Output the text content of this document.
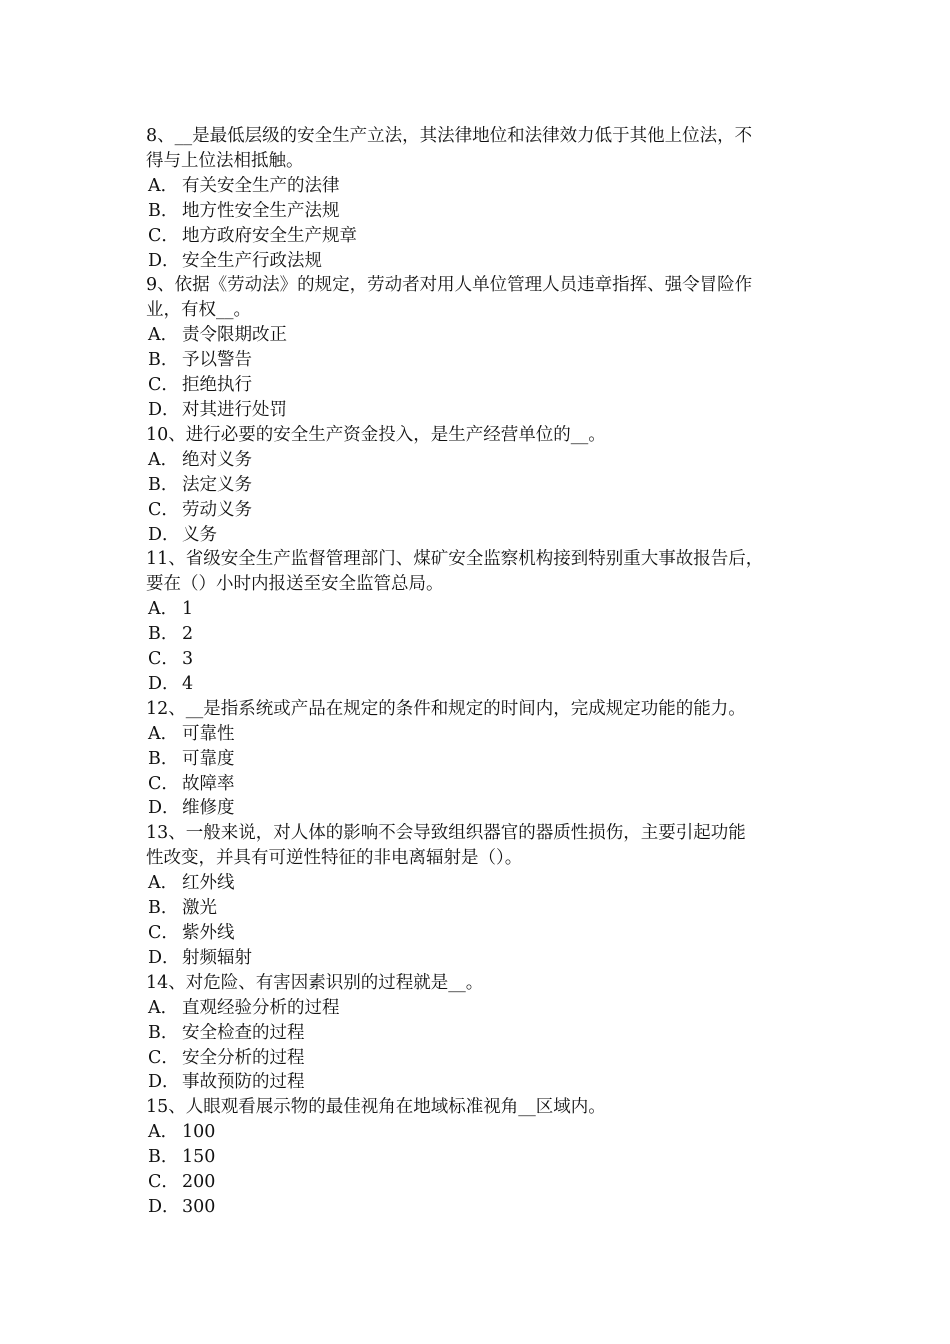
8、__是最低层级的安全生产立法，其法律地位和法律效力低于其他上位法，不
得与上位法相抵触。
A． 有关安全生产的法律
B． 地方性安全生产法规
C． 地方政府安全生产规章
D． 安全生产行政法规
9、依据《劳动法》的规定，劳动者对用人单位管理人员违章指挥、强令冒险作
业，有权__。
A． 责令限期改正
B． 予以警告
C． 拒绝执行
D． 对其进行处罚
10、进行必要的安全生产资金投入，是生产经营单位的__。
A． 绝对义务
B． 法定义务
C． 劳动义务
D． 义务
11、省级安全生产监督管理部门、煤矿安全监察机构接到特别重大事故报告后，
要在（）小时内报送至安全监管总局。
A． 1
B． 2
C． 3
D． 4
12、__是指系统或产品在规定的条件和规定的时间内，完成规定功能的能力。
A． 可靠性
B． 可靠度
C． 故障率
D． 维修度
13、一般来说，对人体的影响不会导致组织器官的器质性损伤，主要引起功能
性改变，并具有可逆性特征的非电离辐射是（）。
A． 红外线
B． 激光
C． 紫外线
D． 射频辐射
14、对危险、有害因素识别的过程就是__。
A． 直观经验分析的过程
B． 安全检查的过程
C． 安全分析的过程
D． 事故预防的过程
15、人眼观看展示物的最佳视角在地域标准视角__区域内。
A． 100
B． 150
C． 200
D． 300
